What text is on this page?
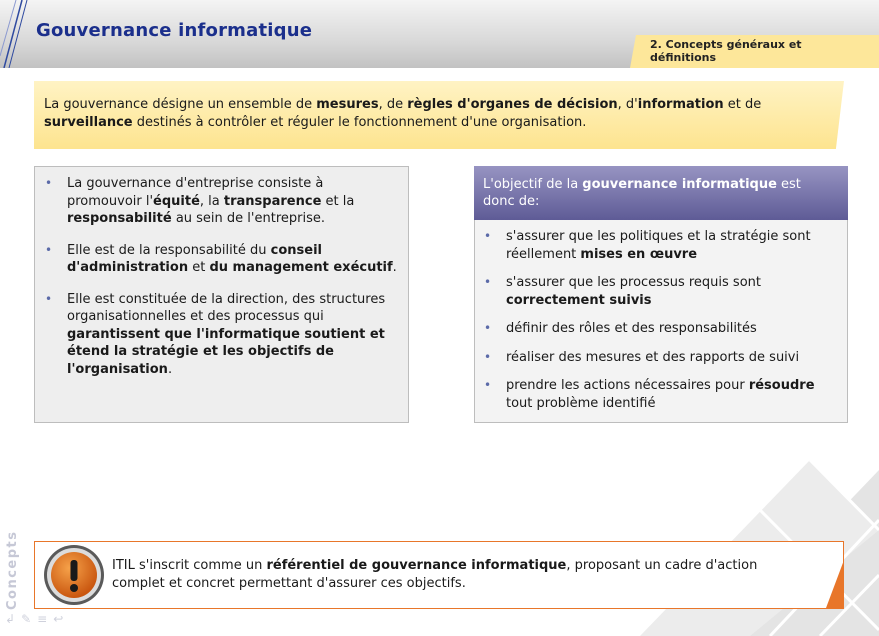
Gouvernance informatique
2. Concepts généraux et définitions
La gouvernance désigne un ensemble de mesures, de règles d'organes de décision, d'information et de surveillance destinés à contrôler et réguler le fonctionnement d'une organisation.
• La gouvernance d'entreprise consiste à promouvoir l'équité, la transparence et la responsabilité au sein de l'entreprise.
• Elle est de la responsabilité du conseil d'administration et du management exécutif.
• Elle est constituée de la direction, des structures organisationnelles et des processus qui garantissent que l'informatique soutient et étend la stratégie et les objectifs de l'organisation.
L'objectif de la gouvernance informatique est donc de:
• s'assurer que les politiques et la stratégie sont réellement mises en œuvre
• s'assurer que les processus requis sont correctement suivis
• définir des rôles et des responsabilités
• réaliser des mesures et des rapports de suivi
• prendre les actions nécessaires pour résoudre tout problème identifié
ITIL s'inscrit comme un référentiel de gouvernance informatique, proposant un cadre d'action complet et concret permettant d'assurer ces objectifs.
Concepts
↲ ✎ ≡ ↩
